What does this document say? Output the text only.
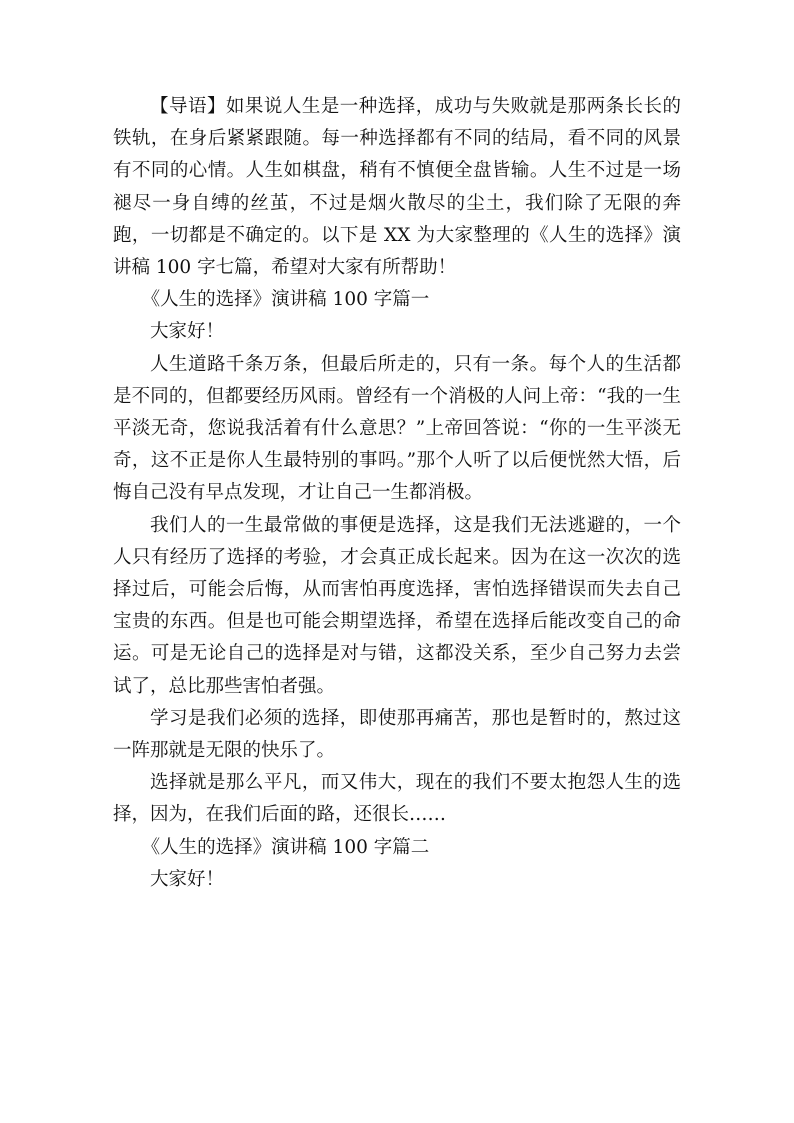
【导语】如果说人生是一种选择，成功与失败就是那两条长长的铁轨，在身后紧紧跟随。每一种选择都有不同的结局，看不同的风景有不同的心情。人生如棋盘，稍有不慎便全盘皆输。人生不过是一场褪尽一身自缚的丝茧，不过是烟火散尽的尘土，我们除了无限的奔跑，一切都是不确定的。以下是 XX 为大家整理的《人生的选择》演讲稿 100 字七篇，希望对大家有所帮助！

《人生的选择》演讲稿 100 字篇一

大家好！

人生道路千条万条，但最后所走的，只有一条。每个人的生活都是不同的，但都要经历风雨。曾经有一个消极的人问上帝：“我的一生平淡无奇，您说我活着有什么意思？”上帝回答说：“你的一生平淡无奇，这不正是你人生最特别的事吗。”那个人听了以后便恍然大悟，后悔自己没有早点发现，才让自己一生都消极。

我们人的一生最常做的事便是选择，这是我们无法逃避的，一个人只有经历了选择的考验，才会真正成长起来。因为在这一次次的选择过后，可能会后悔，从而害怕再度选择，害怕选择错误而失去自己宝贵的东西。但是也可能会期望选择，希望在选择后能改变自己的命运。可是无论自己的选择是对与错，这都没关系，至少自己努力去尝试了，总比那些害怕者强。

学习是我们必须的选择，即使那再痛苦，那也是暂时的，熬过这一阵那就是无限的快乐了。

选择就是那么平凡，而又伟大，现在的我们不要太抱怨人生的选择，因为，在我们后面的路，还很长……

《人生的选择》演讲稿 100 字篇二

大家好！
